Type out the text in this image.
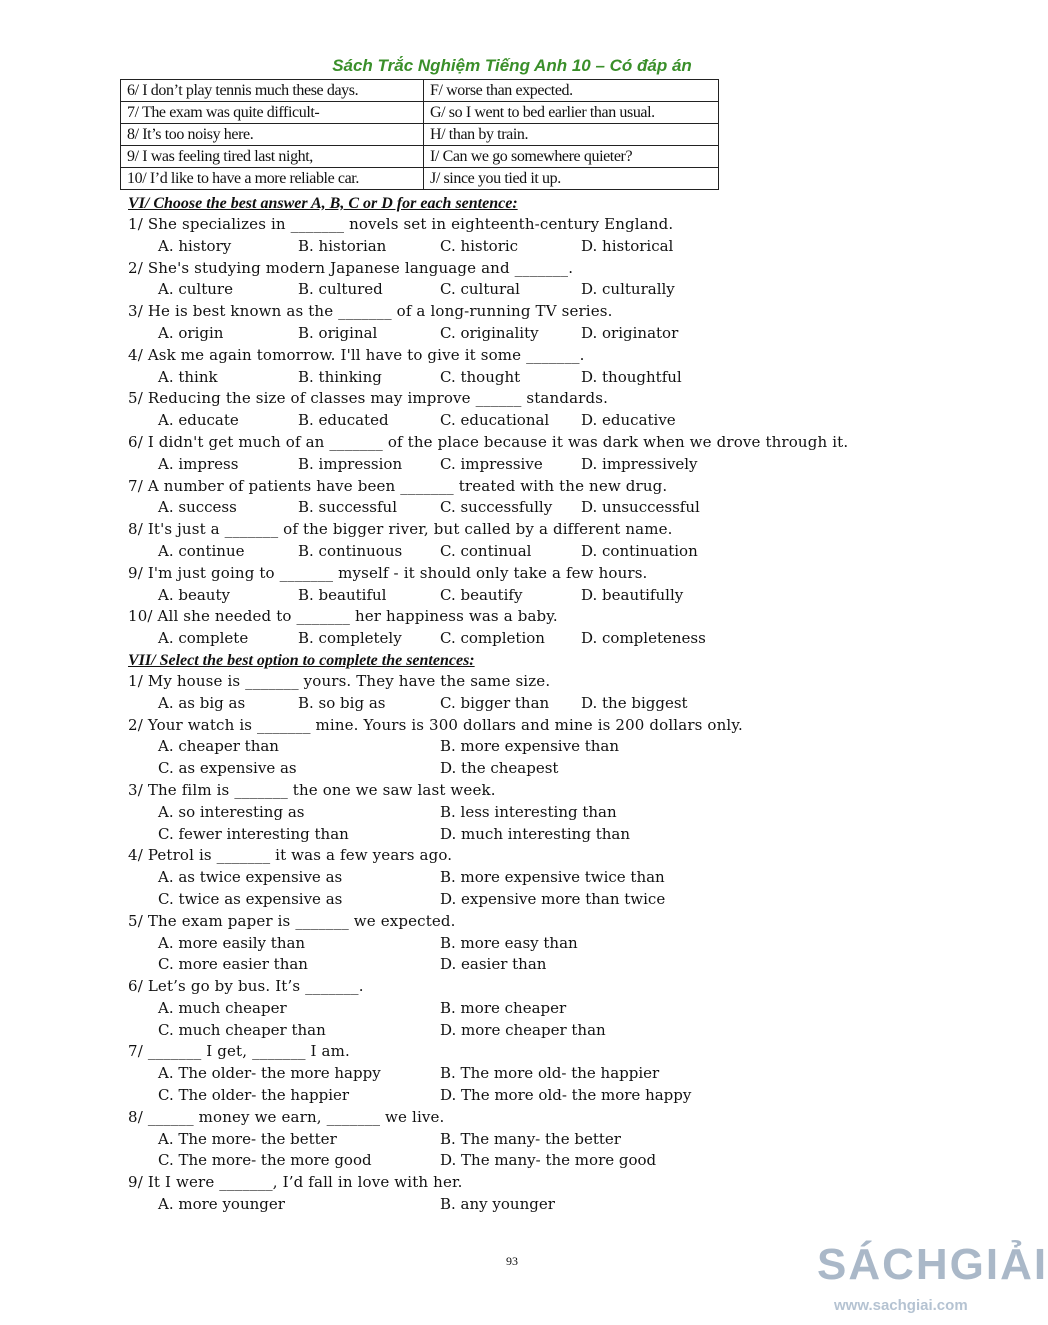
Sách Trắc Nghiệm Tiếng Anh 10 – Có đáp án
6/ I don’t play tennis much these days.	F/ worse than expected.
7/ The exam was quite difficult-	G/ so I went to bed earlier than usual.
8/ It’s too noisy here.	H/ than by train.
9/ I was feeling tired last night,	I/ Can we go somewhere quieter?
10/ I’d like to have a more reliable car.	J/ since you tied it up.
VI/ Choose the best answer A, B, C or D for each sentence:
1/ She specializes in _______ novels set in eighteenth-century England.
A. history	B. historian	C. historic	D. historical
2/ She's studying modern Japanese language and _______.
A. culture	B. cultured	C. cultural	D. culturally
3/ He is best known as the _______ of a long-running TV series.
A. origin	B. original	C. originality	D. originator
4/ Ask me again tomorrow. I'll have to give it some _______.
A. think	B. thinking	C. thought	D. thoughtful
5/ Reducing the size of classes may improve ______ standards.
A. educate	B. educated	C. educational D. educative
6/ I didn't get much of an _______ of the place because it was dark when we drove through it.
A. impress	B. impression	C. impressive	D. impressively
7/ A number of patients have been _______ treated with the new drug.
A. success	B. successful	C. successfully D. unsuccessful
8/ It's just a _______ of the bigger river, but called by a different name.
A. continue	B. continuous	C. continual	D. continuation
9/ I'm just going to _______ myself - it should only take a few hours.
A. beauty	B. beautiful	C. beautify	D. beautifully
10/ All she needed to _______ her happiness was a baby.
A. complete	B. completely	C. completion D. completeness
VII/ Select the best option to complete the sentences:
1/ My house is _______ yours. They have the same size.
A. as big as	B. so big as	C. bigger than D. the biggest
2/ Your watch is _______ mine. Yours is 300 dollars and mine is 200 dollars only.
A. cheaper than	B. more expensive than
C. as expensive as	D. the cheapest
3/ The film is _______ the one we saw last week.
A. so interesting as	B. less interesting than
C. fewer interesting than	D. much interesting than
4/ Petrol is _______ it was a few years ago.
A. as twice expensive as	B. more expensive twice than
C. twice as expensive as	D. expensive more than twice
5/ The exam paper is _______ we expected.
A. more easily than	B. more easy than
C. more easier than	D. easier than
6/ Let’s go by bus. It’s _______.
A. much cheaper	B. more cheaper
C. much cheaper than	D. more cheaper than
7/ _______ I get, _______ I am.
A. The older- the more happy	B. The more old- the happier
C. The older- the happier	D. The more old- the more happy
8/ ______ money we earn, _______ we live.
A. The more- the better	B. The many- the better
C. The more- the more good	D. The many- the more good
9/ It I were _______, I’d fall in love with her.
A. more younger	B. any younger
93	SÁCHGIẢI
www.sachgiai.com
